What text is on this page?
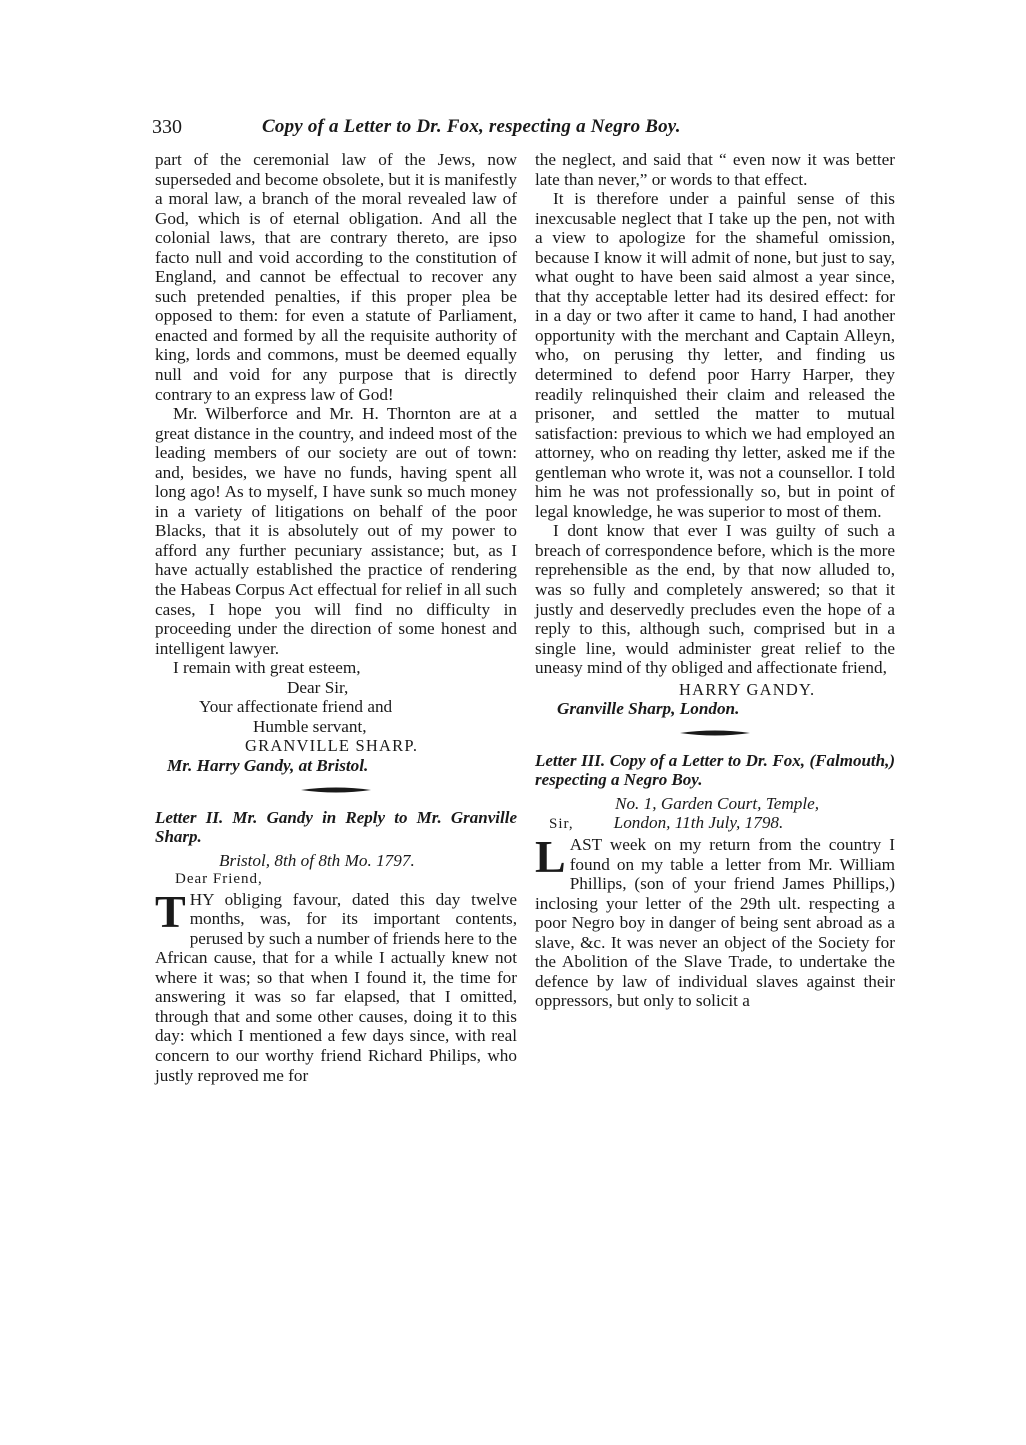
330	Copy of a Letter to Dr. Fox, respecting a Negro Boy.

part of the ceremonial law of the Jews, now superseded and become obsolete, but it is manifestly a moral law, a branch of the moral revealed law of God, which is of eternal obligation. And all the colonial laws, that are contrary thereto, are ipso facto null and void according to the constitution of England, and cannot be effectual to recover any such pretended penalties, if this proper plea be opposed to them: for even a statute of Parliament, enacted and formed by all the requisite authority of king, lords and commons, must be deemed equally null and void for any purpose that is directly contrary to an express law of God!

Mr. Wilberforce and Mr. H. Thornton are at a great distance in the country, and indeed most of the leading members of our society are out of town: and, besides, we have no funds, having spent all long ago! As to myself, I have sunk so much money in a variety of litigations on behalf of the poor Blacks, that it is absolutely out of my power to afford any further pecuniary assistance; but, as I have actually established the practice of rendering the Habeas Corpus Act effectual for relief in all such cases, I hope you will find no difficulty in proceeding under the direction of some honest and intelligent lawyer.

I remain with great esteem,

Dear Sir,

Your affectionate friend and

Humble servant,

GRANVILLE SHARP.

Mr. Harry Gandy, at Bristol.

Letter II. Mr. Gandy in Reply to Mr. Granville Sharp.

Bristol, 8th of 8th Mo. 1797.

Dear Friend,

THY obliging favour, dated this day twelve months, was, for its important contents, perused by such a number of friends here to the African cause, that for a while I actually knew not where it was; so that when I found it, the time for answering it was so far elapsed, that I omitted, through that and some other causes, doing it to this day: which I mentioned a few days since, with real concern to our worthy friend Richard Philips, who justly reproved me for

the neglect, and said that “ even now it was better late than never,” or words to that effect.

It is therefore under a painful sense of this inexcusable neglect that I take up the pen, not with a view to apologize for the shameful omission, because I know it will admit of none, but just to say, what ought to have been said almost a year since, that thy acceptable letter had its desired effect: for in a day or two after it came to hand, I had another opportunity with the merchant and Captain Alleyn, who, on perusing thy letter, and finding us determined to defend poor Harry Harper, they readily relinquished their claim and released the prisoner, and settled the matter to mutual satisfaction: previous to which we had employed an attorney, who on reading thy letter, asked me if the gentleman who wrote it, was not a counsellor. I told him he was not professionally so, but in point of legal knowledge, he was superior to most of them.

I dont know that ever I was guilty of such a breach of correspondence before, which is the more reprehensible as the end, by that now alluded to, was so fully and completely answered; so that it justly and deservedly precludes even the hope of a reply to this, although such, comprised but in a single line, would administer great relief to the uneasy mind of thy obliged and affectionate friend,

HARRY GANDY.

Granville Sharp, London.

Letter III. Copy of a Letter to Dr. Fox, (Falmouth,) respecting a Negro Boy.

No. 1, Garden Court, Temple,

Sir, London, 11th July, 1798.

LAST week on my return from the country I found on my table a letter from Mr. William Phillips, (son of your friend James Phillips,) inclosing your letter of the 29th ult. respecting a poor Negro boy in danger of being sent abroad as a slave, &c. It was never an object of the Society for the Abolition of the Slave Trade, to undertake the defence by law of individual slaves against their oppressors, but only to solicit a
